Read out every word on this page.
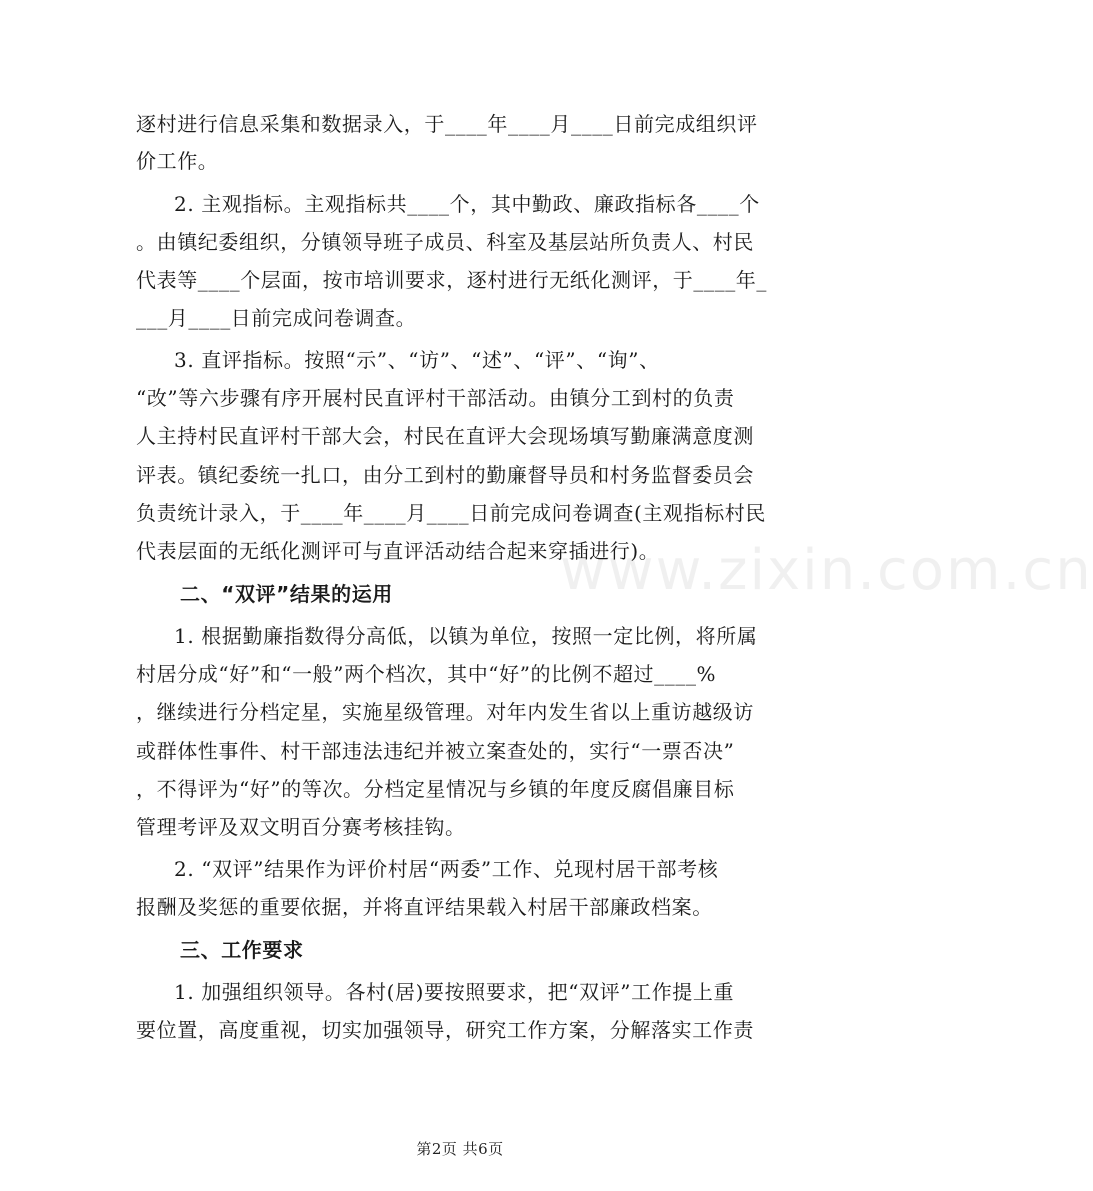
www.zixin.com.cn
逐村进行信息采集和数据录入，于____年____月____日前完成组织评
价工作。
2. 主观指标。主观指标共____个，其中勤政、廉政指标各____个
。由镇纪委组织，分镇领导班子成员、科室及基层站所负责人、村民
代表等____个层面，按市培训要求，逐村进行无纸化测评，于____年_
___月____日前完成问卷调查。
3. 直评指标。按照“示”、“访”、“述”、“评”、“询”、
“改”等六步骤有序开展村民直评村干部活动。由镇分工到村的负责
人主持村民直评村干部大会，村民在直评大会现场填写勤廉满意度测
评表。镇纪委统一扎口，由分工到村的勤廉督导员和村务监督委员会
负责统计录入，于____年____月____日前完成问卷调查(主观指标村民
代表层面的无纸化测评可与直评活动结合起来穿插进行)。
二、“双评”结果的运用
1. 根据勤廉指数得分高低，以镇为单位，按照一定比例，将所属
村居分成“好”和“一般”两个档次，其中“好”的比例不超过____%
，继续进行分档定星，实施星级管理。对年内发生省以上重访越级访
或群体性事件、村干部违法违纪并被立案查处的，实行“一票否决”
，不得评为“好”的等次。分档定星情况与乡镇的年度反腐倡廉目标
管理考评及双文明百分赛考核挂钩。
2. “双评”结果作为评价村居“两委”工作、兑现村居干部考核
报酬及奖惩的重要依据，并将直评结果载入村居干部廉政档案。
三、工作要求
1. 加强组织领导。各村(居)要按照要求，把“双评”工作提上重
要位置，高度重视，切实加强领导，研究工作方案，分解落实工作责
第2页 共6页
